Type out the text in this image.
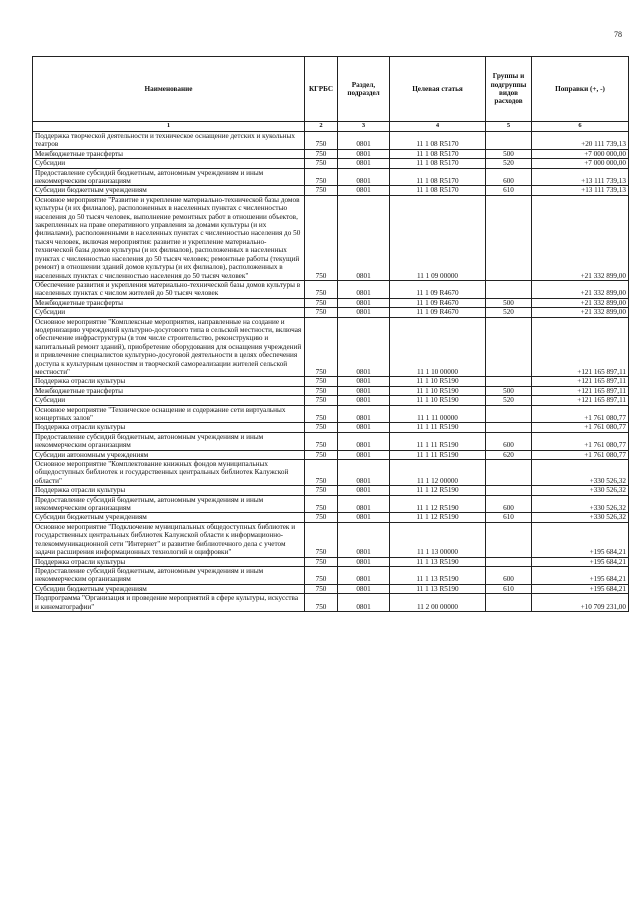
78
Наименование	КГРБС	Раздел, подраздел	Целевая статья	Группы и подгруппы видов расходов	Поправки (+, -)
1	2	3	4	5	6
Поддержка творческой деятельности и техническое оснащение детских и кукольных театров	750	0801	11 1 08 R5170		+20 111 739,13
Межбюджетные трансферты	750	0801	11 1 08 R5170	500	+7 000 000,00
Субсидии	750	0801	11 1 08 R5170	520	+7 000 000,00
Предоставление субсидий бюджетным, автономным учреждениям и иным некоммерческим организациям	750	0801	11 1 08 R5170	600	+13 111 739,13
Субсидии бюджетным учреждениям	750	0801	11 1 08 R5170	610	+13 111 739,13
Основное мероприятие "Развитие и укрепление материально-технической базы домов культуры (и их филиалов), расположенных в населенных пунктах с численностью населения до 50 тысяч человек, выполнение ремонтных работ в отношении объектов, закрепленных на праве оперативного управления за домами культуры (и их филиалами), расположенными в населенных пунктах с численностью населения до 50 тысяч человек, включая мероприятия: развитие и укрепление материально-технической базы домов культуры (и их филиалов), расположенных в населенных пунктах с численностью населения до 50 тысяч человек; ремонтные работы (текущий ремонт) в отношении зданий домов культуры (и их филиалов), расположенных в населенных пунктах с численностью населения до 50 тысяч человек"	750	0801	11 1 09 00000		+21 332 899,00
Обеспечение развития и укрепления материально-технической базы домов культуры в населенных пунктах с числом жителей до 50 тысяч человек	750	0801	11 1 09 R4670		+21 332 899,00
Межбюджетные трансферты	750	0801	11 1 09 R4670	500	+21 332 899,00
Субсидии	750	0801	11 1 09 R4670	520	+21 332 899,00
Основное мероприятие "Комплексные мероприятия, направленные на создание и модернизацию учреждений культурно-досугового типа в сельской местности, включая обеспечение инфраструктуры (в том числе строительство, реконструкцию и капитальный ремонт зданий), приобретение оборудования для оснащения учреждений и привлечение специалистов культурно-досуговой деятельности в целях обеспечения доступа к культурным ценностям и творческой самореализации жителей сельской местности"	750	0801	11 1 10 00000		+121 165 897,11
Поддержка отрасли культуры	750	0801	11 1 10 R5190		+121 165 897,11
Межбюджетные трансферты	750	0801	11 1 10 R5190	500	+121 165 897,11
Субсидии	750	0801	11 1 10 R5190	520	+121 165 897,11
Основное мероприятие "Техническое оснащение и содержание сети виртуальных концертных залов"	750	0801	11 1 11 00000		+1 761 080,77
Поддержка отрасли культуры	750	0801	11 1 11 R5190		+1 761 080,77
Предоставление субсидий бюджетным, автономным учреждениям и иным некоммерческим организациям	750	0801	11 1 11 R5190	600	+1 761 080,77
Субсидии автономным учреждениям	750	0801	11 1 11 R5190	620	+1 761 080,77
Основное мероприятие "Комплектование книжных фондов муниципальных общедоступных библиотек и государственных центральных библиотек Калужской области"	750	0801	11 1 12 00000		+330 526,32
Поддержка отрасли культуры	750	0801	11 1 12 R5190		+330 526,32
Предоставление субсидий бюджетным, автономным учреждениям и иным некоммерческим организациям	750	0801	11 1 12 R5190	600	+330 526,32
Субсидии бюджетным учреждениям	750	0801	11 1 12 R5190	610	+330 526,32
Основное мероприятие "Подключение муниципальных общедоступных библиотек и государственных центральных библиотек Калужской области к информационно-телекоммуникационной сети "Интернет" и развитие библиотечного дела с учетом задачи расширения информационных технологий и оцифровки"	750	0801	11 1 13 00000		+195 684,21
Поддержка отрасли культуры	750	0801	11 1 13 R5190		+195 684,21
Предоставление субсидий бюджетным, автономным учреждениям и иным некоммерческим организациям	750	0801	11 1 13 R5190	600	+195 684,21
Субсидии бюджетным учреждениям	750	0801	11 1 13 R5190	610	+195 684,21
Подпрограмма "Организация и проведение мероприятий в сфере культуры, искусства и кинематографии"	750	0801	11 2 00 00000		+10 709 231,00
